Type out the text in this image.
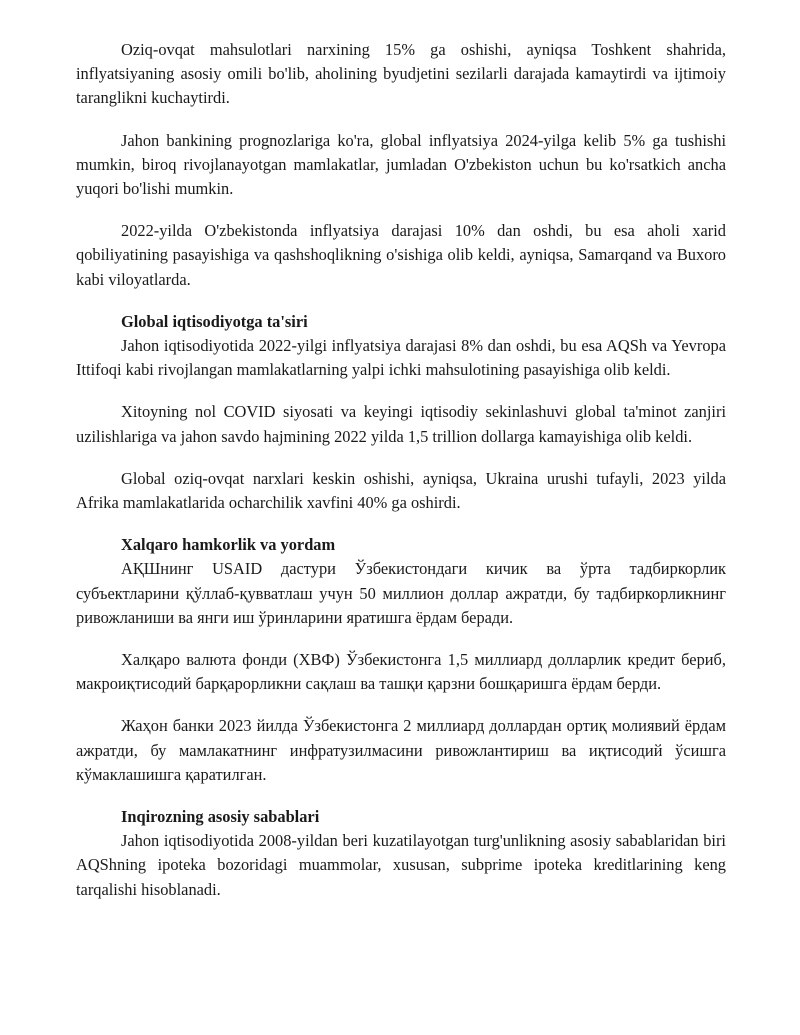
Oziq-ovqat mahsulotlari narxining 15% ga oshishi, ayniqsa Toshkent shahrida, inflyatsiyaning asosiy omili bo'lib, aholining byudjetini sezilarli darajada kamaytirdi va ijtimoiy taranglikni kuchaytirdi.

Jahon bankining prognozlariga ko'ra, global inflyatsiya 2024-yilga kelib 5% ga tushishi mumkin, biroq rivojlanayotgan mamlakatlar, jumladan O'zbekiston uchun bu ko'rsatkich ancha yuqori bo'lishi mumkin.

2022-yilda O'zbekistonda inflyatsiya darajasi 10% dan oshdi, bu esa aholi xarid qobiliyatining pasayishiga va qashshoqlikning o'sishiga olib keldi, ayniqsa, Samarqand va Buxoro kabi viloyatlarda.

Global iqtisodiyotga ta'siri

Jahon iqtisodiyotida 2022-yilgi inflyatsiya darajasi 8% dan oshdi, bu esa AQSh va Yevropa Ittifoqi kabi rivojlangan mamlakatlarning yalpi ichki mahsulotining pasayishiga olib keldi.

Xitoyning nol COVID siyosati va keyingi iqtisodiy sekinlashuvi global ta'minot zanjiri uzilishlariga va jahon savdo hajmining 2022 yilda 1,5 trillion dollarga kamayishiga olib keldi.

Global oziq-ovqat narxlari keskin oshishi, ayniqsa, Ukraina urushi tufayli, 2023 yilda Afrika mamlakatlarida ocharchilik xavfini 40% ga oshirdi.

Xalqaro hamkorlik va yordam

АҚШнинг USAID дастури Ўзбекистондаги кичик ва ўрта тадбиркорлик субъектларини қўллаб-қувватлаш учун 50 миллион доллар ажратди, бу тадбиркорликнинг ривожланиши ва янги иш ўринларини яратишга ёрдам беради.

Халқаро валюта фонди (ХВФ) Ўзбекистонга 1,5 миллиард долларлик кредит бериб, макроиқтисодий барқарорликни сақлаш ва ташқи қарзни бошқаришга ёрдам берди.

Жаҳон банки 2023 йилда Ўзбекистонга 2 миллиард доллардан ортиқ молиявий ёрдам ажратди, бу мамлакатнинг инфратузилмасини ривожлантириш ва иқтисодий ўсишга кўмаклашишга қаратилган.

Inqirozning asosiy sabablari

Jahon iqtisodiyotida 2008-yildan beri kuzatilayotgan turg'unlikning asosiy sabablaridan biri AQShning ipoteka bozoridagi muammolar, xususan, subprime ipoteka kreditlarining keng tarqalishi hisoblanadi.
